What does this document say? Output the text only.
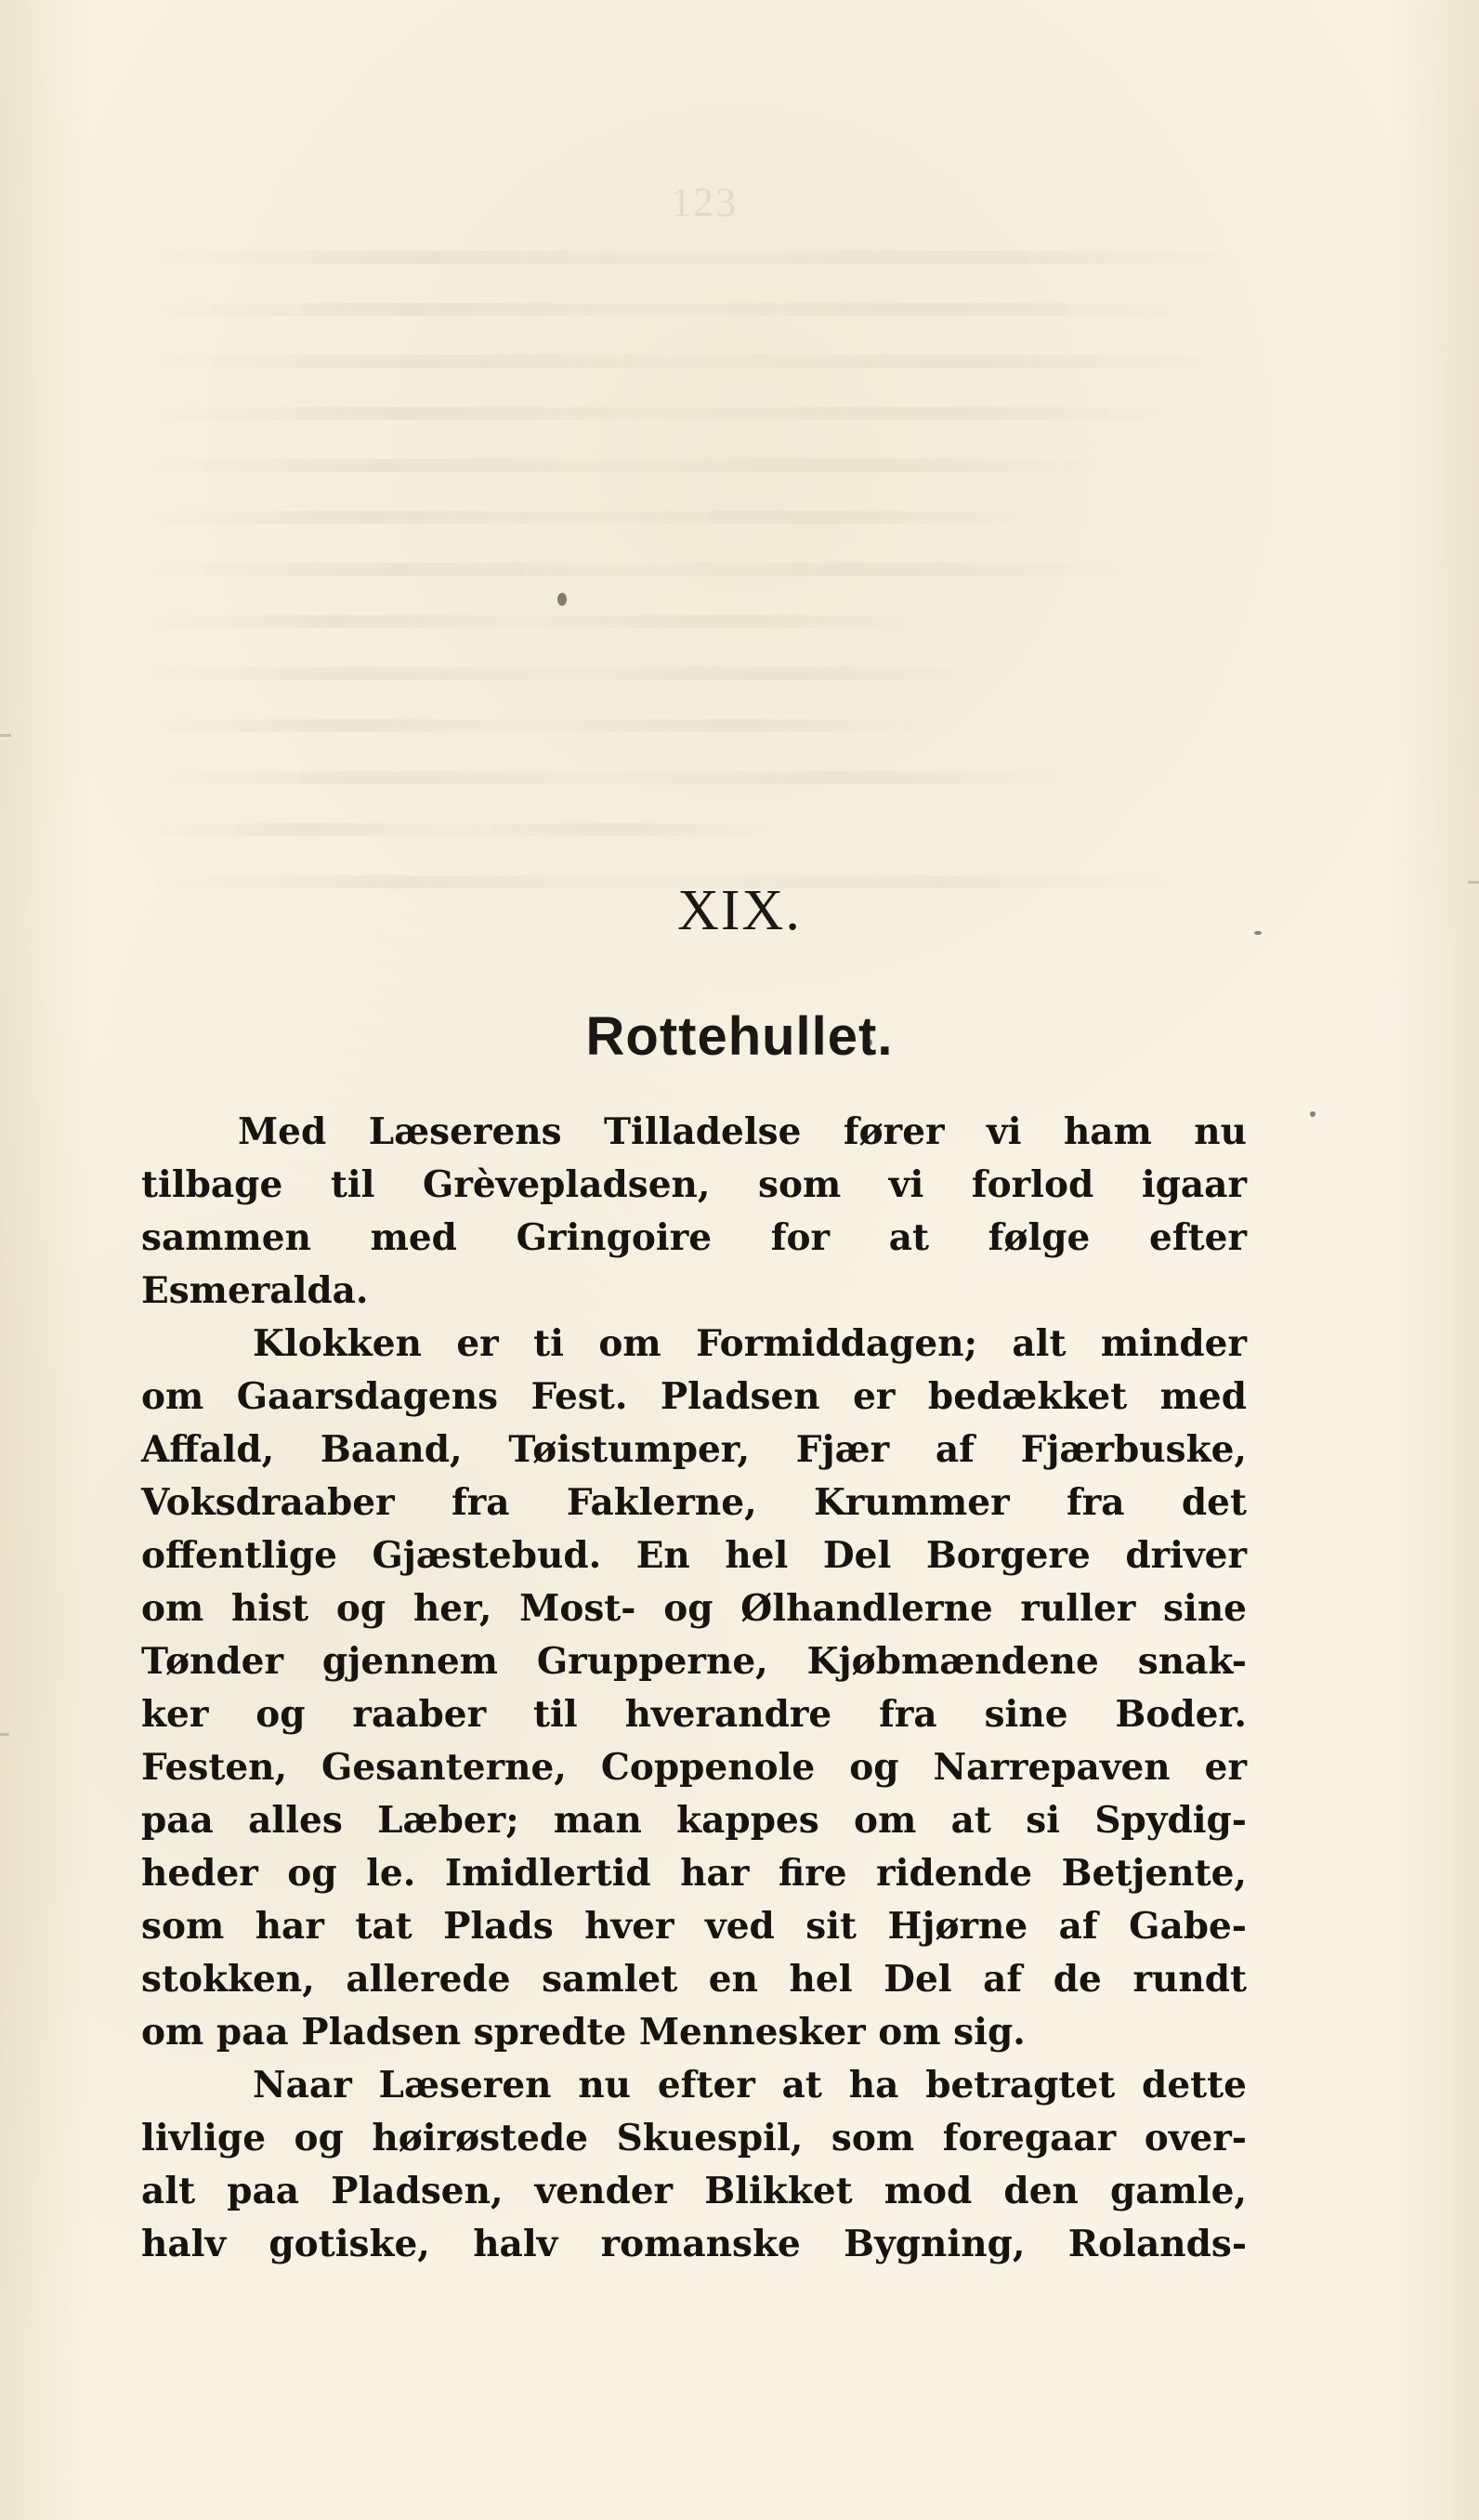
123
XIX.
Rottehullet.
Med Læserens Tilladelse fører vi ham nu
tilbage til Grèvepladsen, som vi forlod igaar
sammen med Gringoire for at følge efter
Esmeralda.
Klokken er ti om Formiddagen; alt minder
om Gaarsdagens Fest. Pladsen er bedækket med
Affald, Baand, Tøistumper, Fjær af Fjærbuske,
Voksdraaber fra Faklerne, Krummer fra det
offentlige Gjæstebud. En hel Del Borgere driver
om hist og her, Most- og Ølhandlerne ruller sine
Tønder gjennem Grupperne, Kjøbmændene snak-
ker og raaber til hverandre fra sine Boder.
Festen, Gesanterne, Coppenole og Narrepaven er
paa alles Læber; man kappes om at si Spydig-
heder og le. Imidlertid har fire ridende Betjente,
som har tat Plads hver ved sit Hjørne af Gabe-
stokken, allerede samlet en hel Del af de rundt
om paa Pladsen spredte Mennesker om sig.
Naar Læseren nu efter at ha betragtet dette
livlige og høirøstede Skuespil, som foregaar over-
alt paa Pladsen, vender Blikket mod den gamle,
halv gotiske, halv romanske Bygning, Rolands-
